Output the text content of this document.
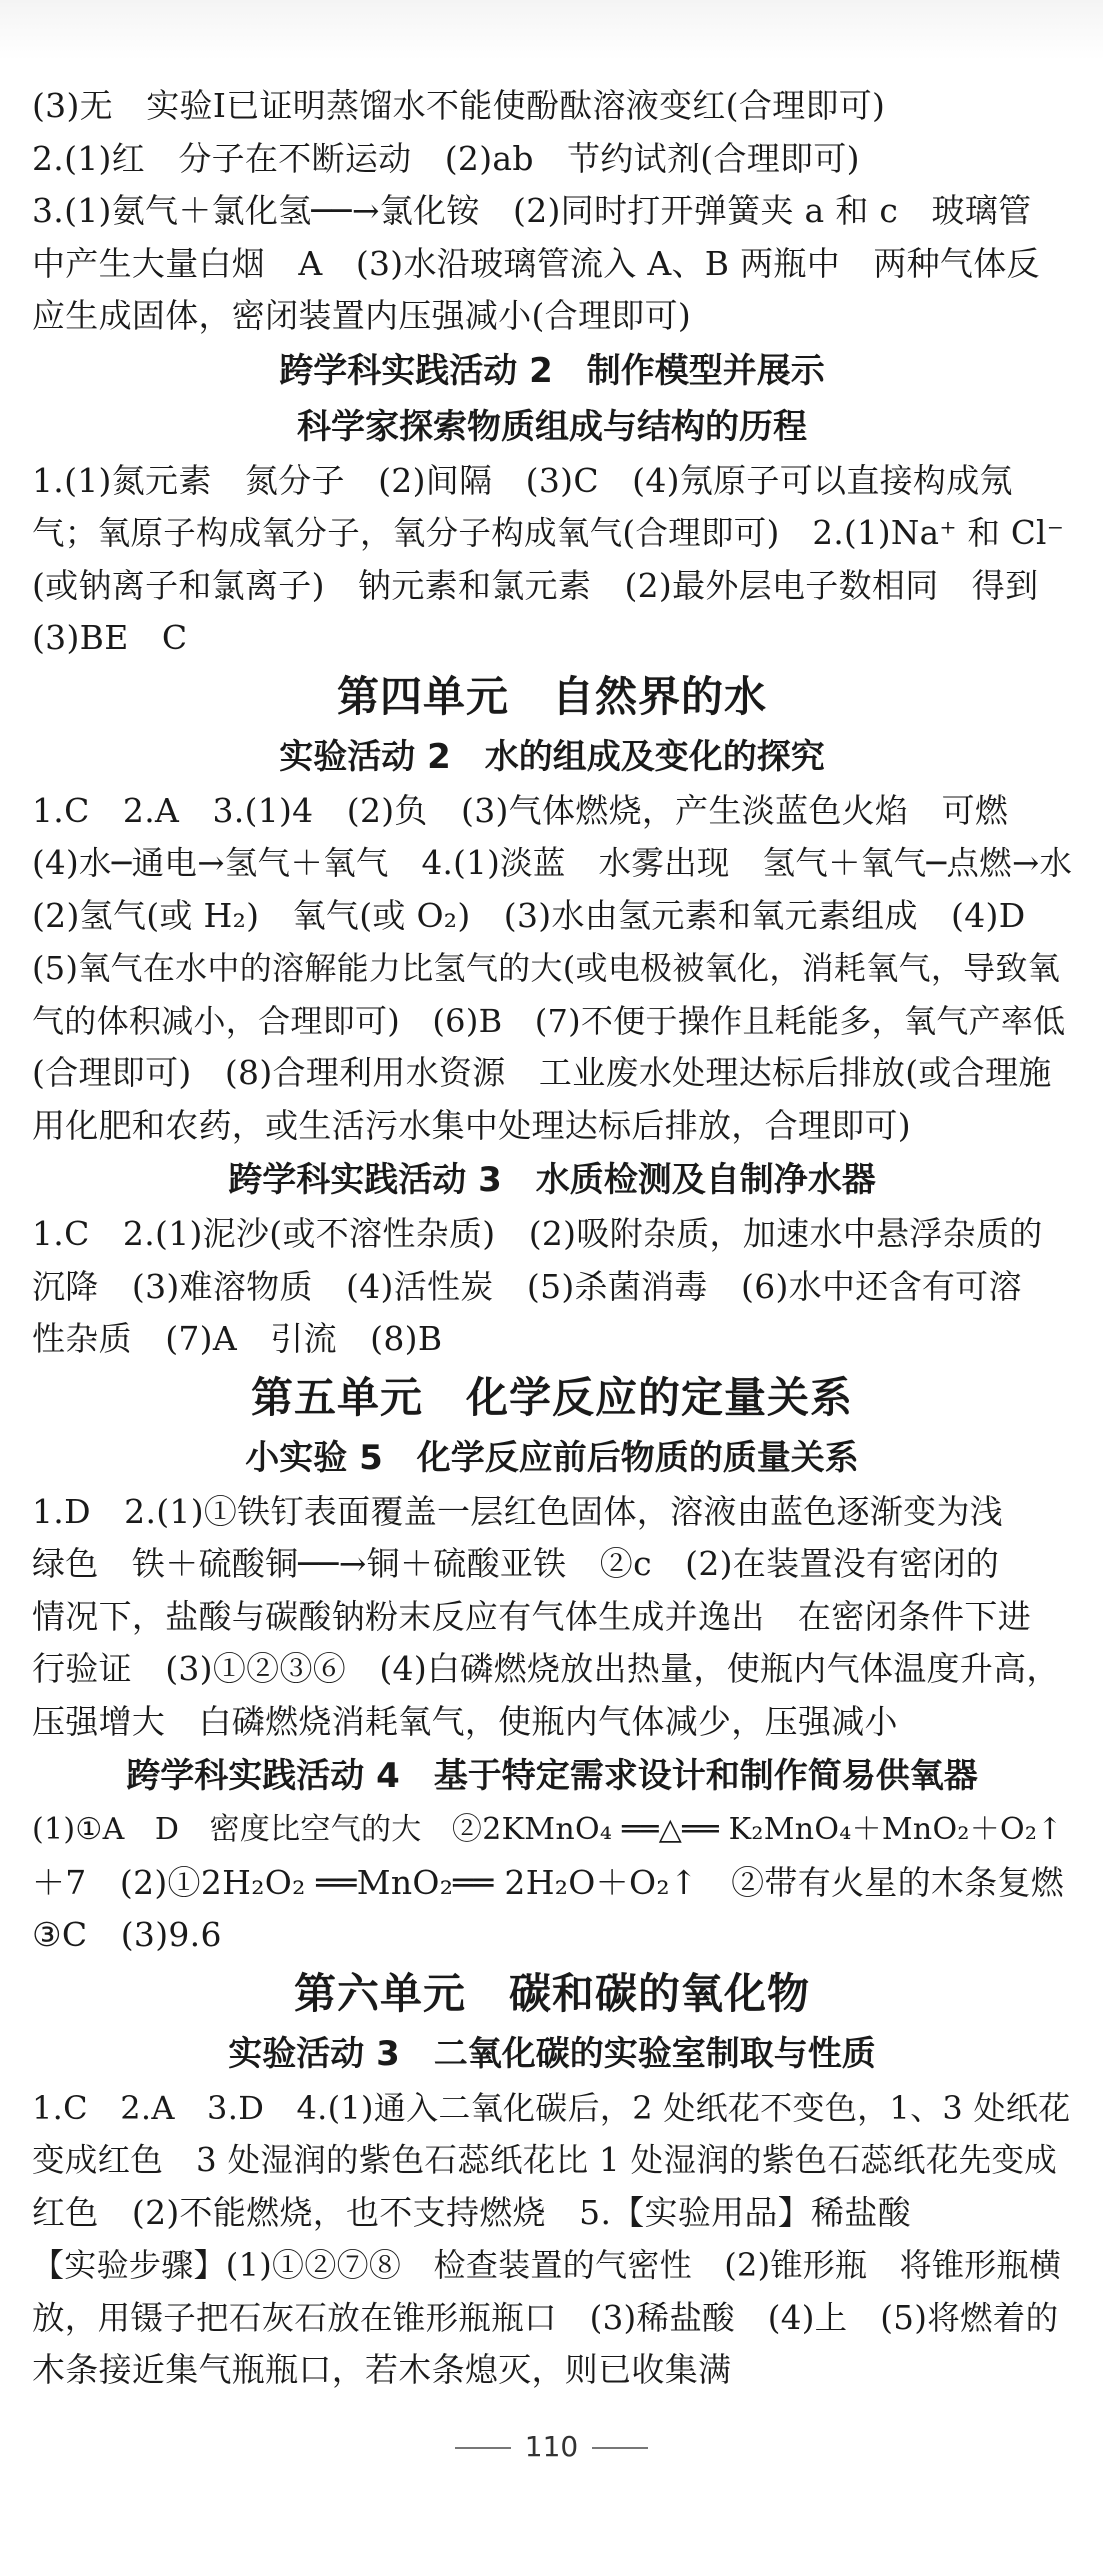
(3)无　实验Ⅰ已证明蒸馏水不能使酚酞溶液变红(合理即可)
2.(1)红　分子在不断运动　(2)ab　节约试剂(合理即可)
3.(1)氨气＋氯化氢──→氯化铵　(2)同时打开弹簧夹 a 和 c　玻璃管
中产生大量白烟　A　(3)水沿玻璃管流入 A、B 两瓶中　两种气体反
应生成固体，密闭装置内压强减小(合理即可)
跨学科实践活动 2　制作模型并展示
科学家探索物质组成与结构的历程
1.(1)氮元素　氮分子　(2)间隔　(3)C　(4)氖原子可以直接构成氖
气；氧原子构成氧分子，氧分子构成氧气(合理即可)　2.(1)Na⁺ 和 Cl⁻
(或钠离子和氯离子)　钠元素和氯元素　(2)最外层电子数相同　得到
(3)BE　C
第四单元　自然界的水
实验活动 2　水的组成及变化的探究
1.C　2.A　3.(1)4　(2)负　(3)气体燃烧，产生淡蓝色火焰　可燃
(4)水─通电→氢气＋氧气　4.(1)淡蓝　水雾出现　氢气＋氧气─点燃→水
(2)氢气(或 H₂)　氧气(或 O₂)　(3)水由氢元素和氧元素组成　(4)D
(5)氧气在水中的溶解能力比氢气的大(或电极被氧化，消耗氧气，导致氧
气的体积减小，合理即可)　(6)B　(7)不便于操作且耗能多，氧气产率低
(合理即可)　(8)合理利用水资源　工业废水处理达标后排放(或合理施
用化肥和农药，或生活污水集中处理达标后排放，合理即可)
跨学科实践活动 3　水质检测及自制净水器
1.C　2.(1)泥沙(或不溶性杂质)　(2)吸附杂质，加速水中悬浮杂质的
沉降　(3)难溶物质　(4)活性炭　(5)杀菌消毒　(6)水中还含有可溶
性杂质　(7)A　引流　(8)B
第五单元　化学反应的定量关系
小实验 5　化学反应前后物质的质量关系
1.D　2.(1)①铁钉表面覆盖一层红色固体，溶液由蓝色逐渐变为浅
绿色　铁＋硫酸铜──→铜＋硫酸亚铁　②c　(2)在装置没有密闭的
情况下，盐酸与碳酸钠粉末反应有气体生成并逸出　在密闭条件下进
行验证　(3)①②③⑥　(4)白磷燃烧放出热量，使瓶内气体温度升高，
压强增大　白磷燃烧消耗氧气，使瓶内气体减少，压强减小
跨学科实践活动 4　基于特定需求设计和制作简易供氧器
(1)①A　D　密度比空气的大　②2KMnO₄ ══△══ K₂MnO₄＋MnO₂＋O₂↑
＋7　(2)①2H₂O₂ ══MnO₂══ 2H₂O＋O₂↑　②带有火星的木条复燃
③C　(3)9.6
第六单元　碳和碳的氧化物
实验活动 3　二氧化碳的实验室制取与性质
1.C　2.A　3.D　4.(1)通入二氧化碳后，2 处纸花不变色，1、3 处纸花
变成红色　3 处湿润的紫色石蕊纸花比 1 处湿润的紫色石蕊纸花先变成
红色　(2)不能燃烧，也不支持燃烧　5.【实验用品】稀盐酸
【实验步骤】(1)①②⑦⑧　检查装置的气密性　(2)锥形瓶　将锥形瓶横
放，用镊子把石灰石放在锥形瓶瓶口　(3)稀盐酸　(4)上　(5)将燃着的
木条接近集气瓶瓶口，若木条熄灭，则已收集满
110
